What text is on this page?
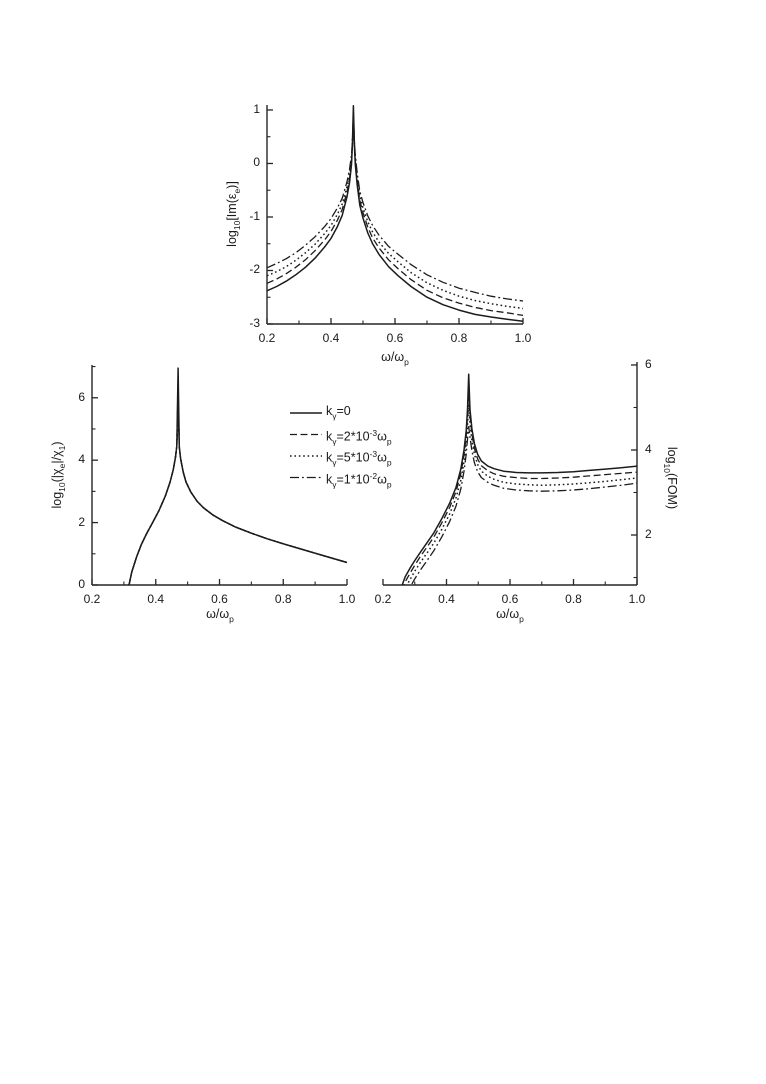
0.2	0.4	0.6	0.8	1.0
-3
-2
-1
0
1
$\omega/\omega_p$
$\log_{10}[Im(\varepsilon_e)]$
0.2	0.4	0.6	0.8	1.0
0
2
4
6
$\omega/\omega_p$
$\log_{10}(|\chi_e|/\chi_1)$
0.2	0.4	0.6	0.8	1.0
2
4
6
$\omega/\omega_p$
$\log_{10}(FOM)$
$k_\gamma=0$
$k_\gamma=2*10^{-3}\omega_p$
$k_\gamma=5*10^{-3}\omega_p$
$k_\gamma=1*10^{-2}\omega_p$
